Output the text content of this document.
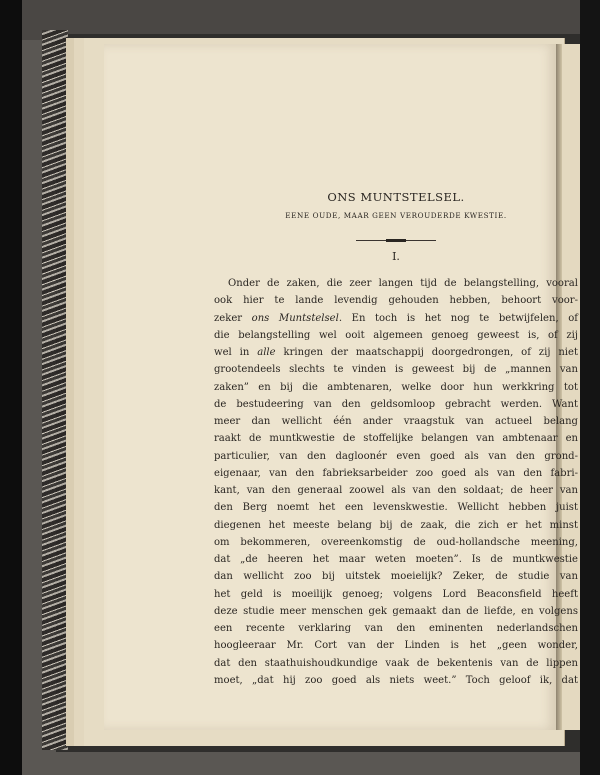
ONS MUNTSTELSEL.

EENE OUDE, MAAR GEEN VEROUDERDE KWESTIE.

I.

Onder de zaken, die zeer langen tijd de belangstelling, vooral
ook hier te lande levendig gehouden hebben, behoort voor-
zeker ons Muntstelsel. En toch is het nog te betwijfelen, of
die belangstelling wel ooit algemeen genoeg geweest is, of zij
wel in alle kringen der maatschappij doorgedrongen, of zij niet
grootendeels slechts te vinden is geweest bij de „mannen van
zaken” en bij die ambtenaren, welke door hun werkkring tot
de bestudeering van den geldsomloop gebracht werden. Want
meer dan wellicht één ander vraagstuk van actueel belang
raakt de muntkwestie de stoffelijke belangen van ambtenaar en
particulier, van den dagloonér even goed als van den grond-
eigenaar, van den fabrieksarbeider zoo goed als van den fabri-
kant, van den generaal zoowel als van den soldaat; de heer van
den Berg noemt het een levenskwestie. Wellicht hebben juist
diegenen het meeste belang bij de zaak, die zich er het minst
om bekommeren, overeenkomstig de oud-hollandsche meening,
dat „de heeren het maar weten moeten”. Is de muntkwestie
dan wellicht zoo bij uitstek moeielijk? Zeker, de studie van
het geld is moeilijk genoeg; volgens Lord Beaconsfield heeft
deze studie meer menschen gek gemaakt dan de liefde, en volgens
een recente verklaring van den eminenten nederlandschen
hoogleeraar Mr. Cort van der Linden is het „geen wonder,
dat den staathuishoudkundige vaak de bekentenis van de lippen
moet, „dat hij zoo goed als niets weet.” Toch geloof ik, dat
